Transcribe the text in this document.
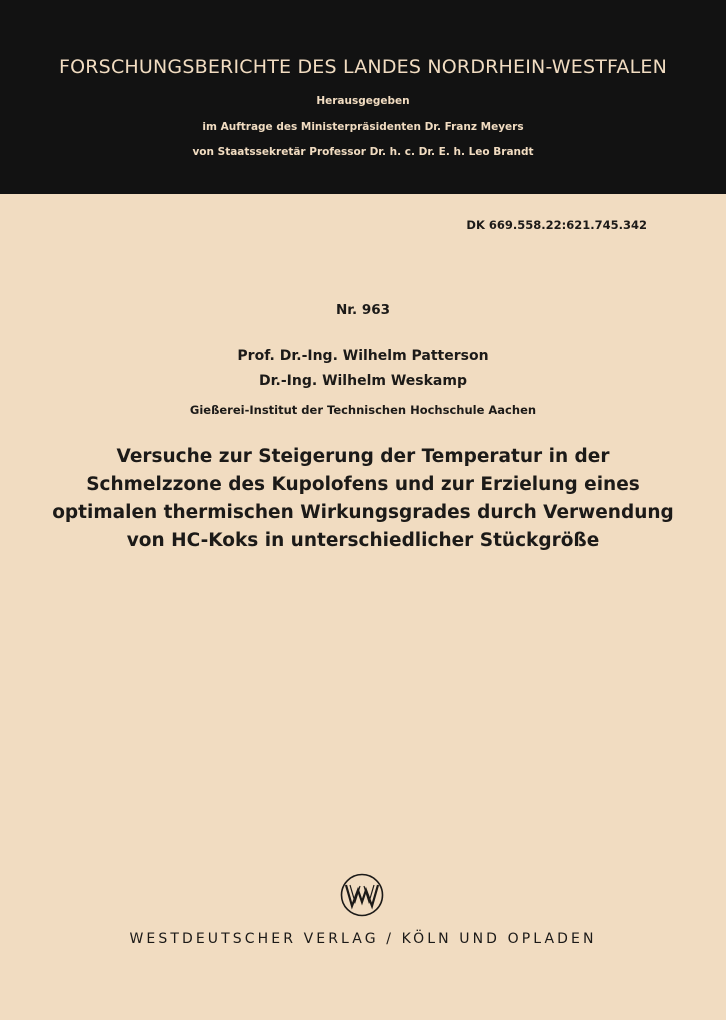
FORSCHUNGSBERICHTE DES LANDES NORDRHEIN-WESTFALEN
Herausgegeben
im Auftrage des Ministerpräsidenten Dr. Franz Meyers
von Staatssekretär Professor Dr. h. c. Dr. E. h. Leo Brandt
DK 669.558.22:621.745.342
Nr. 963
Prof. Dr.-Ing. Wilhelm Patterson
Dr.-Ing. Wilhelm Weskamp
Gießerei-Institut der Technischen Hochschule Aachen
Versuche zur Steigerung der Temperatur in der
Schmelzzone des Kupolofens und zur Erzielung eines
optimalen thermischen Wirkungsgrades durch Verwendung
von HC-Koks in unterschiedlicher Stückgröße
WESTDEUTSCHER VERLAG / KÖLN UND OPLADEN
